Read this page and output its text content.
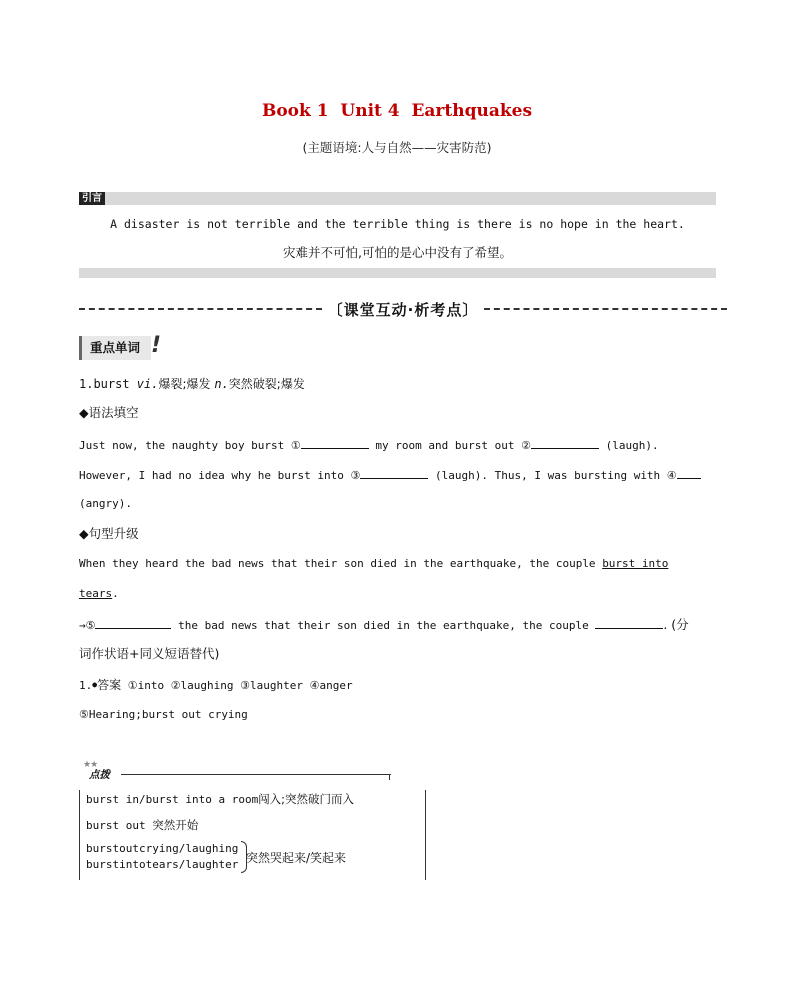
Book 1  Unit 4  Earthquakes
(主题语境:人与自然——灾害防范)
引言
A disaster is not terrible and the terrible thing is there is no hope in the heart.
灾难并不可怕,可怕的是心中没有了希望。
〔课堂互动·析考点〕
重点单词 !
1.burst vi.爆裂;爆发 n.突然破裂;爆发
◆语法填空
Just now, the naughty boy burst ①	my room and burst out ②	(laugh).
However, I had no idea why he burst into ③	(laugh). Thus, I was bursting with ④
(angry).
◆句型升级
When they heard the bad news that their son died in the earthquake, the couple burst into
tears.
→⑤	the bad news that their son died in the earthquake, the couple	. (分
词作状语+同义短语替代)
1.●答案 ①into ②laughing ③laughter ④anger
⑤Hearing;burst out crying
★★
点拨
burst in/burst into a room闯入;突然破门而入
burst out 突然开始
burstoutcrying/laughing
burstintotears/laughter 突然哭起来/笑起来
